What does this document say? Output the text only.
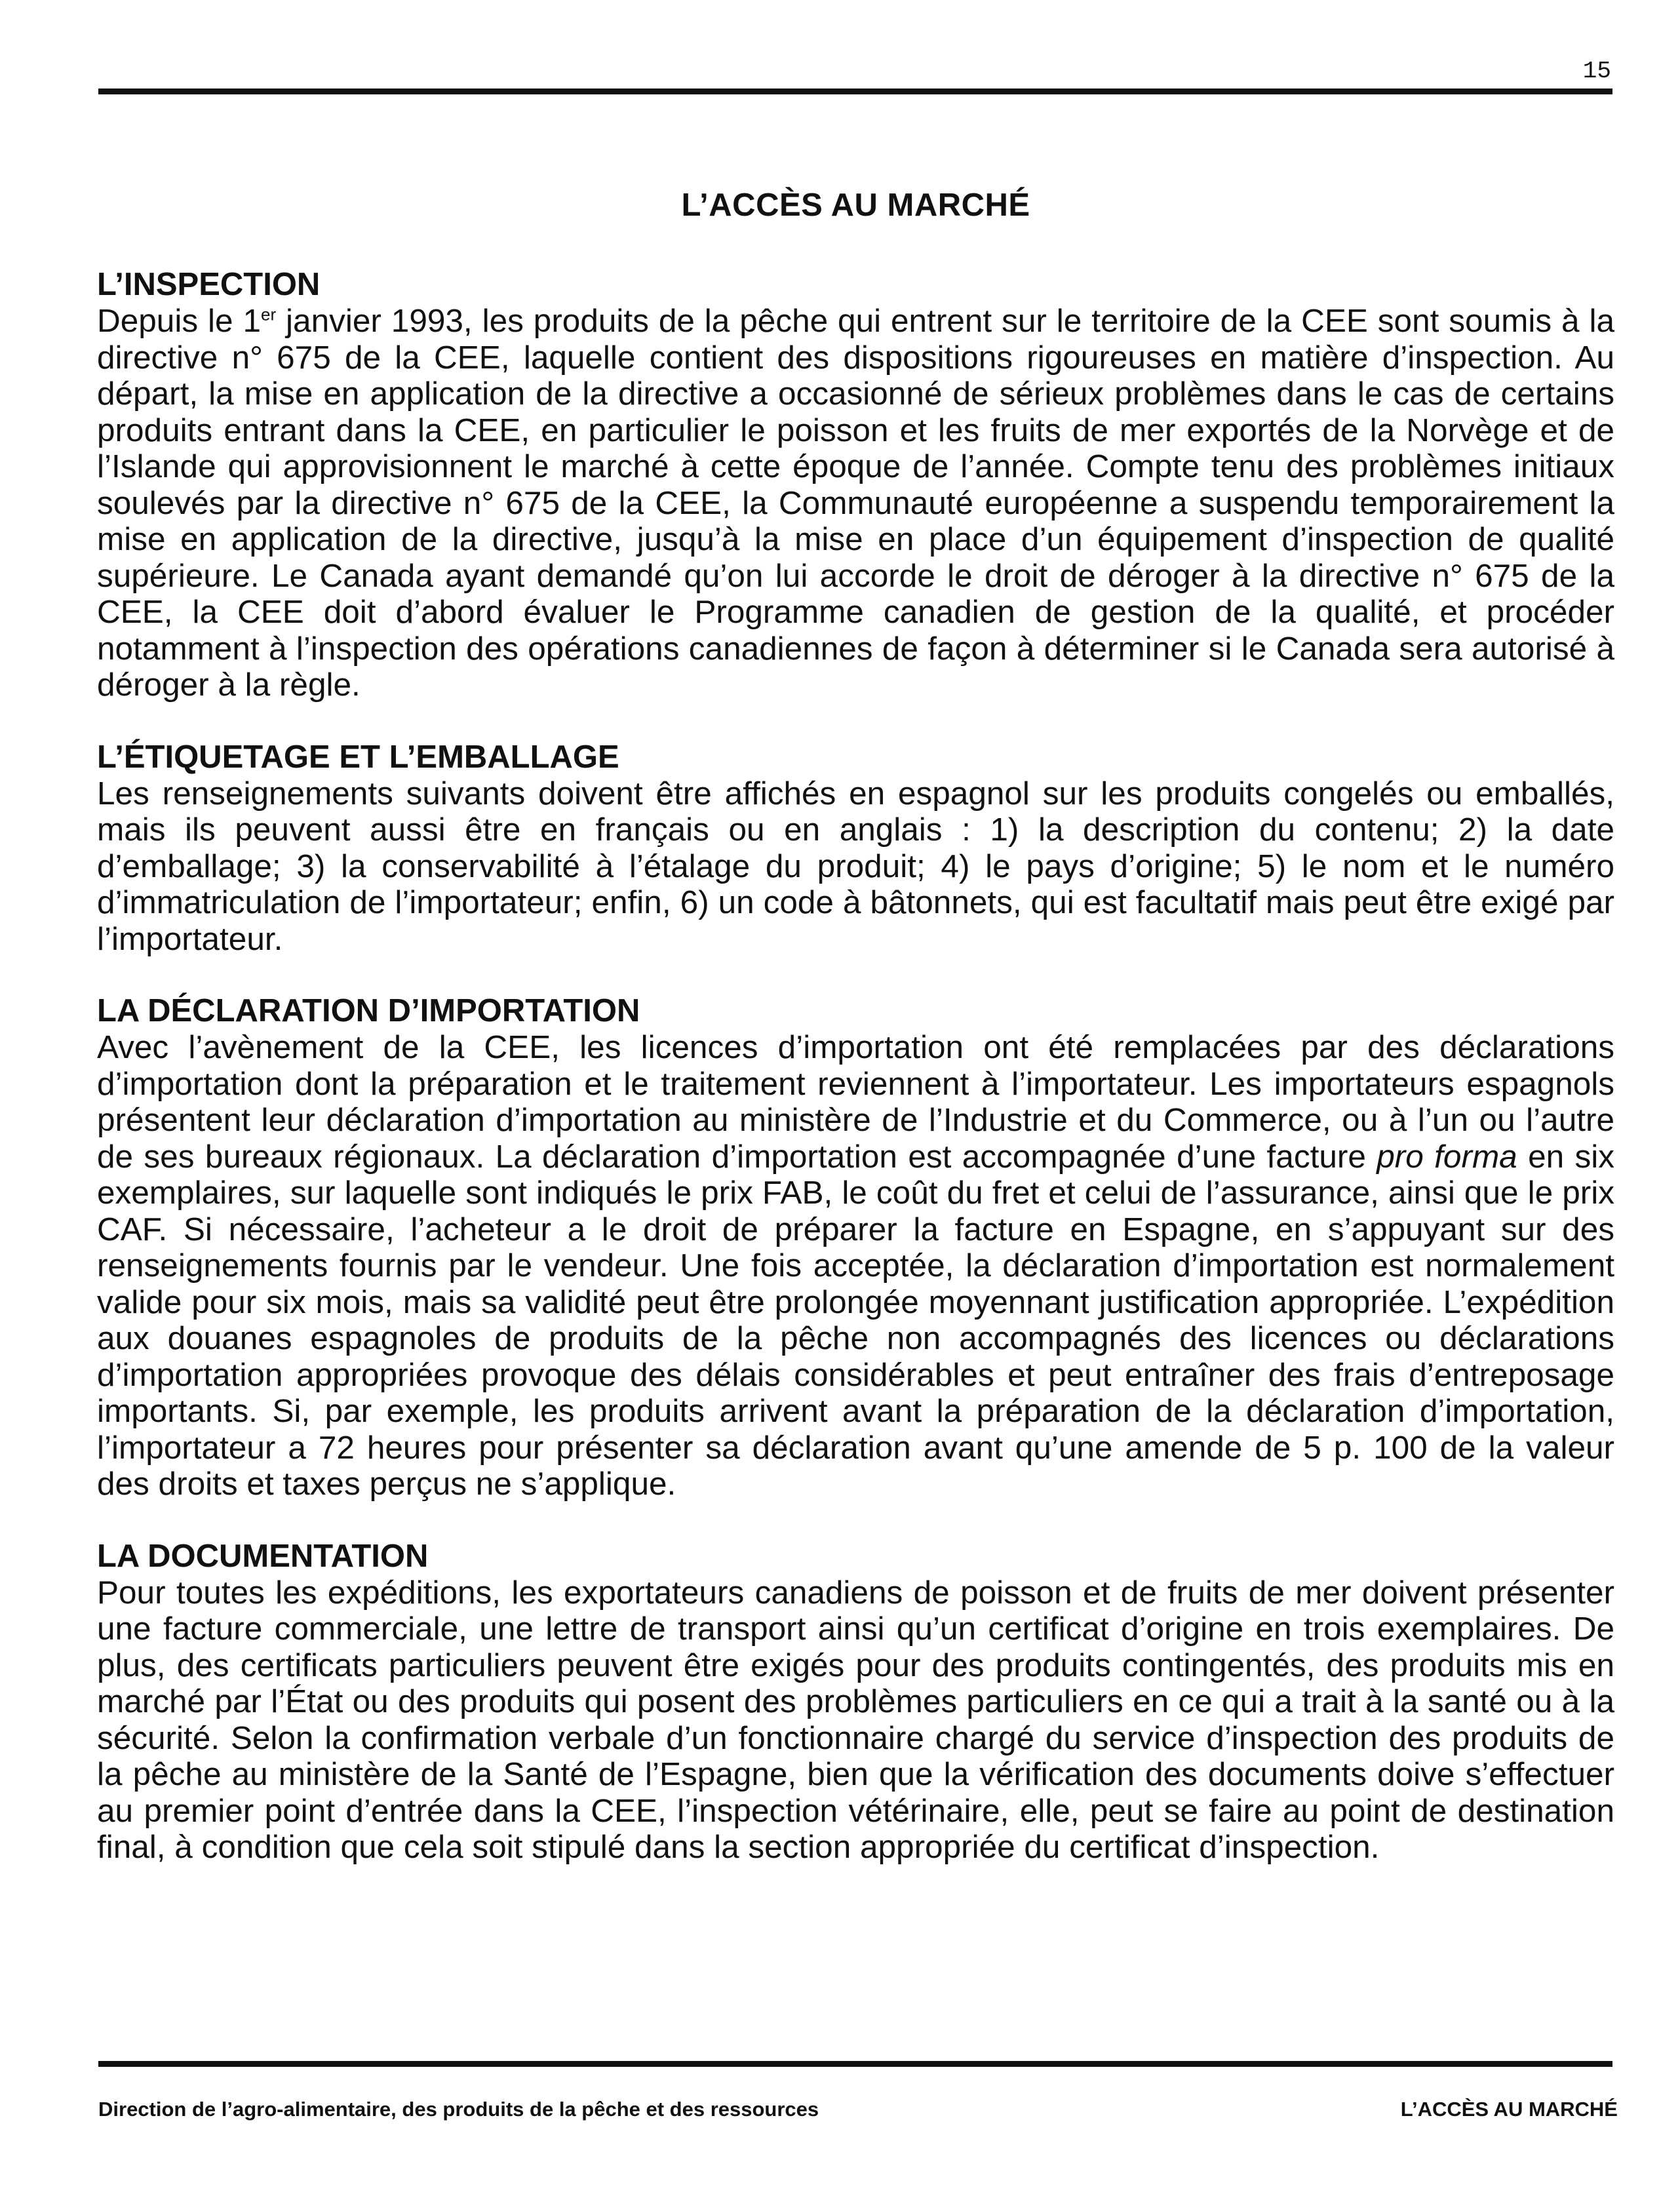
15
L’ACCÈS AU MARCHÉ
L’INSPECTION

Depuis le 1er janvier 1993, les produits de la pêche qui entrent sur le territoire de la CEE sont soumis à la directive n° 675 de la CEE, laquelle contient des dispositions rigoureuses en matière d’inspection. Au départ, la mise en application de la directive a occasionné de sérieux problèmes dans le cas de certains produits entrant dans la CEE, en particulier le poisson et les fruits de mer exportés de la Norvège et de l’Islande qui approvisionnent le marché à cette époque de l’année. Compte tenu des problèmes initiaux soulevés par la directive n° 675 de la CEE, la Communauté européenne a suspendu temporairement la mise en application de la directive, jusqu’à la mise en place d’un équipement d’inspection de qualité supérieure. Le Canada ayant demandé qu’on lui accorde le droit de déroger à la directive n° 675 de la CEE, la CEE doit d’abord évaluer le Programme canadien de gestion de la qualité, et procéder notamment à l’inspection des opérations canadiennes de façon à déterminer si le Canada sera autorisé à déroger à la règle.

L’ÉTIQUETAGE ET L’EMBALLAGE

Les renseignements suivants doivent être affichés en espagnol sur les produits congelés ou emballés, mais ils peuvent aussi être en français ou en anglais : 1) la description du contenu; 2) la date d’emballage; 3) la conservabilité à l’étalage du produit; 4) le pays d’origine; 5) le nom et le numéro d’immatriculation de l’importateur; enfin, 6) un code à bâtonnets, qui est facultatif mais peut être exigé par l’importateur.

LA DÉCLARATION D’IMPORTATION

Avec l’avènement de la CEE, les licences d’importation ont été remplacées par des déclarations d’importation dont la préparation et le traitement reviennent à l’importateur. Les importateurs espagnols présentent leur déclaration d’importation au ministère de l’Industrie et du Commerce, ou à l’un ou l’autre de ses bureaux régionaux. La déclaration d’importation est accompagnée d’une facture pro forma en six exemplaires, sur laquelle sont indiqués le prix FAB, le coût du fret et celui de l’assurance, ainsi que le prix CAF. Si nécessaire, l’acheteur a le droit de préparer la facture en Espagne, en s’appuyant sur des renseignements fournis par le vendeur. Une fois acceptée, la déclaration d’importation est normalement valide pour six mois, mais sa validité peut être prolongée moyennant justification appropriée. L’expédition aux douanes espagnoles de produits de la pêche non accompagnés des licences ou déclarations d’importation appropriées provoque des délais considérables et peut entraîner des frais d’entreposage importants. Si, par exemple, les produits arrivent avant la préparation de la déclaration d’importation, l’importateur a 72 heures pour présenter sa déclaration avant qu’une amende de 5 p. 100 de la valeur des droits et taxes perçus ne s’applique.

LA DOCUMENTATION

Pour toutes les expéditions, les exportateurs canadiens de poisson et de fruits de mer doivent présenter une facture commerciale, une lettre de transport ainsi qu’un certificat d’origine en trois exemplaires. De plus, des certificats particuliers peuvent être exigés pour des produits contingentés, des produits mis en marché par l’État ou des produits qui posent des problèmes particuliers en ce qui a trait à la santé ou à la sécurité. Selon la confirmation verbale d’un fonctionnaire chargé du service d’inspection des produits de la pêche au ministère de la Santé de l’Espagne, bien que la vérification des documents doive s’effectuer au premier point d’entrée dans la CEE, l’inspection vétérinaire, elle, peut se faire au point de destination final, à condition que cela soit stipulé dans la section appropriée du certificat d’inspection.

Direction de l’agro-alimentaire, des produits de la pêche et des ressources	L’ACCÈS AU MARCHÉ
